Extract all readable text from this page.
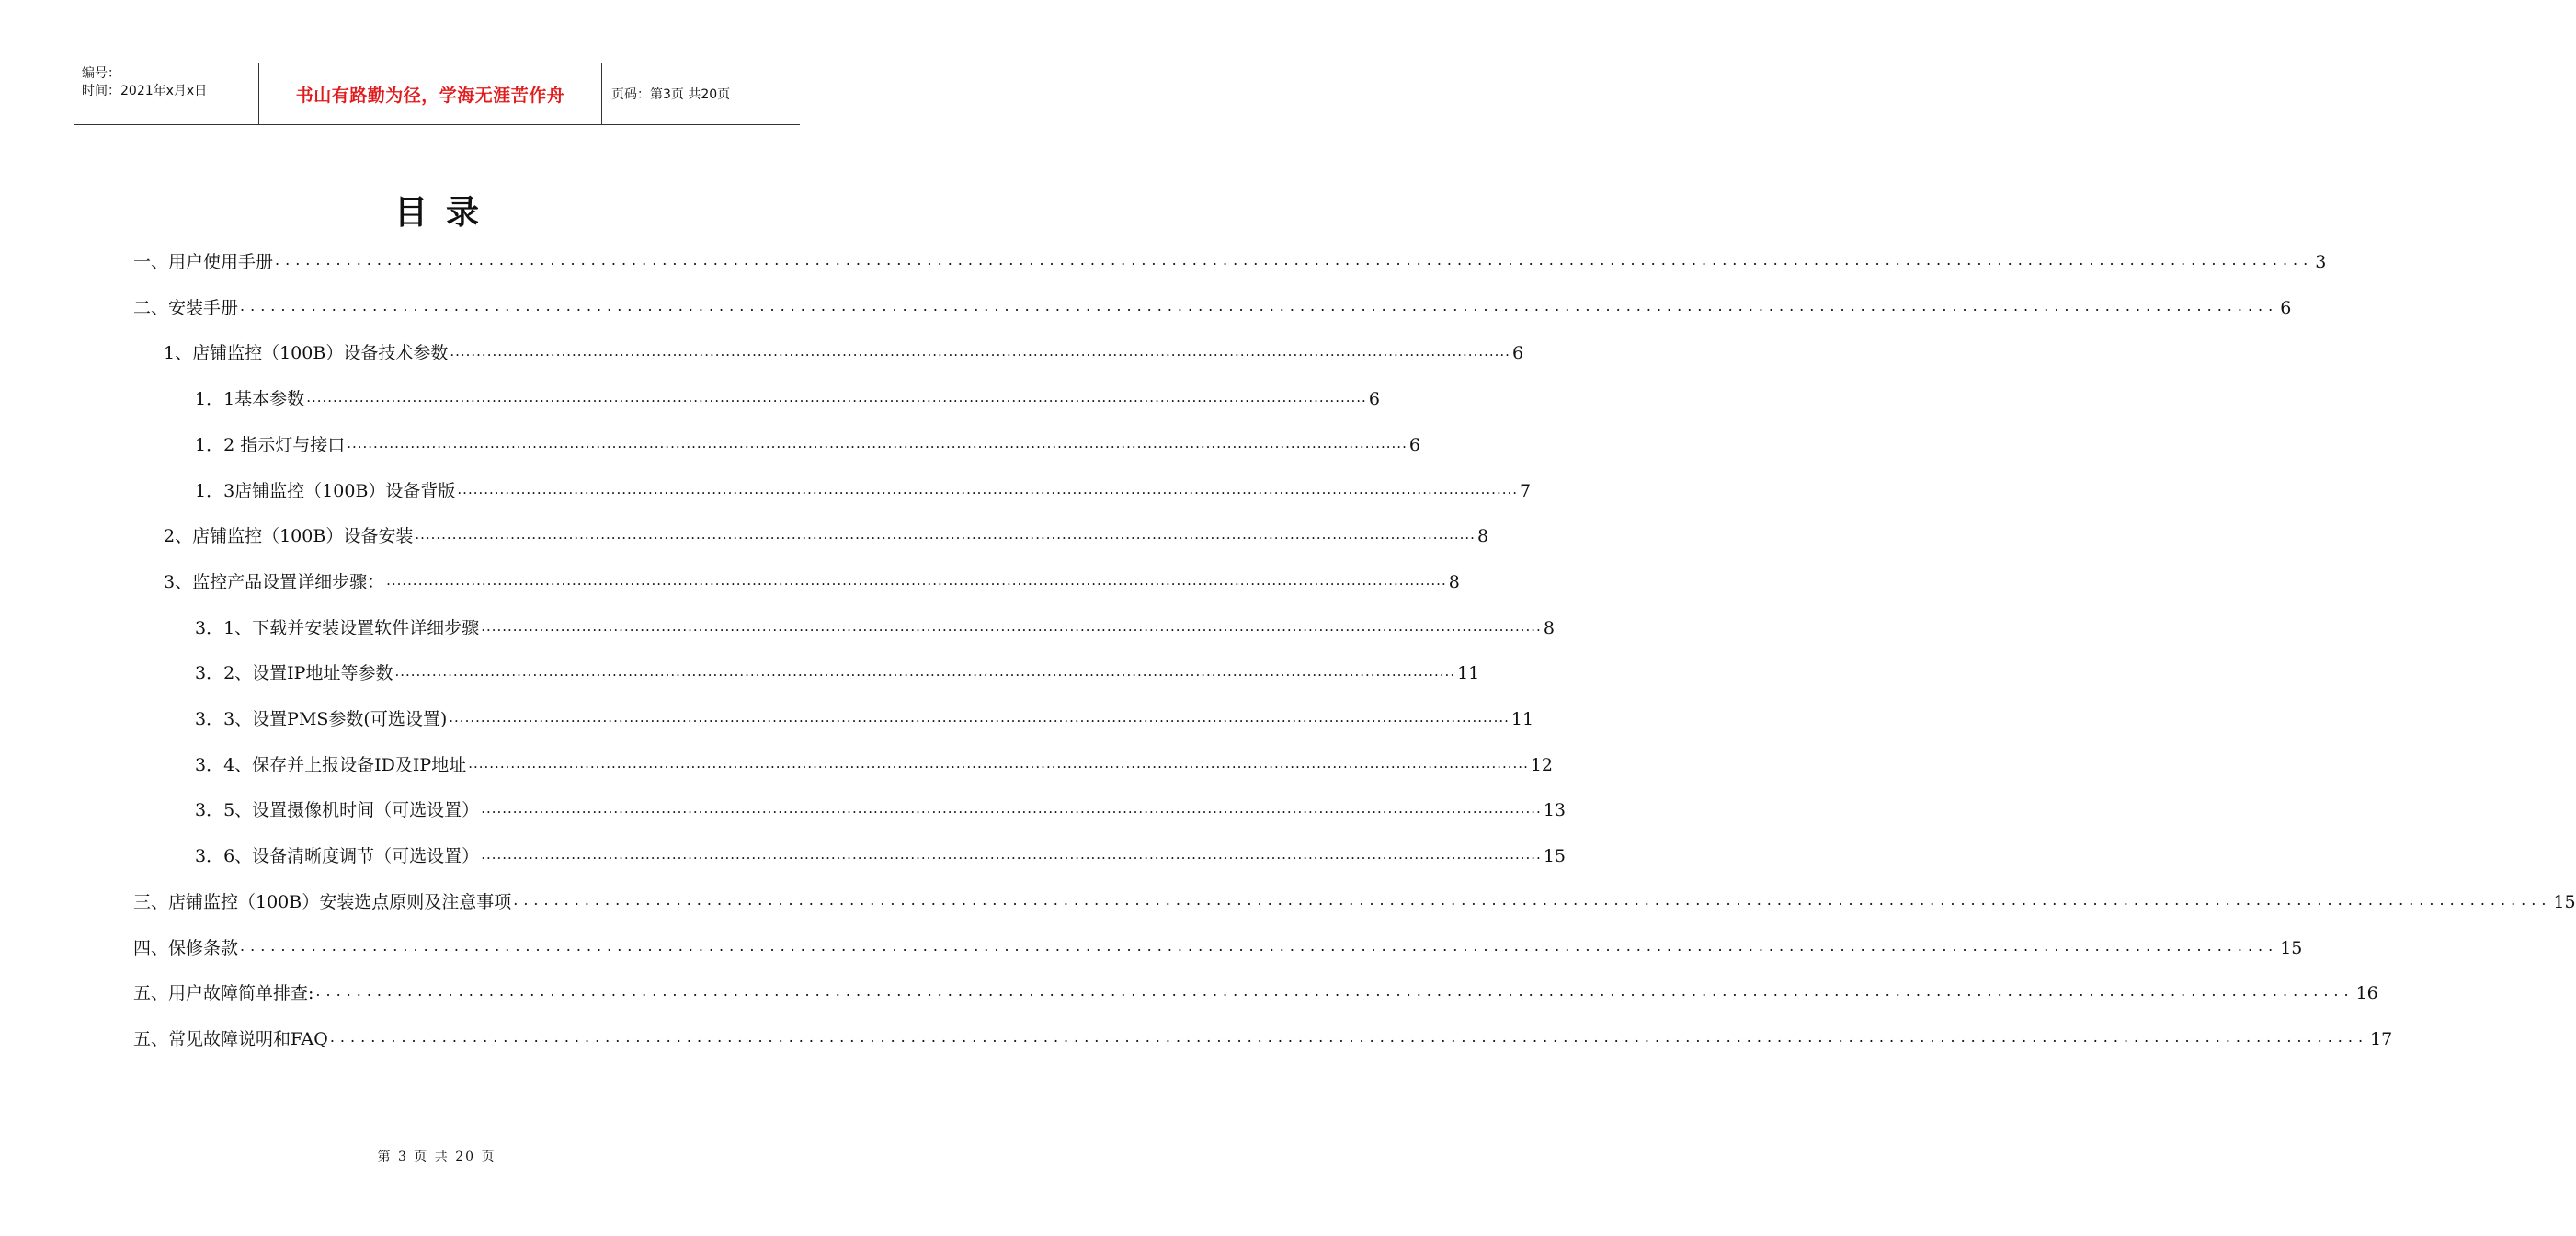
编号：
时间：2021年x月x日	书山有路勤为径，学海无涯苦作舟	页码：第3页 共20页
目录
一、用户使用手册 ........................................................................................................................................................................................................ 3
二、安装手册 ........................................................................................................................................................................................................ 6
1、店铺监控（100B）设备技术参数 ........................................................................................................................................................................................................ 6
1．1基本参数 ........................................................................................................................................................................................................ 6
1．2 指示灯与接口 ........................................................................................................................................................................................................ 6
1．3店铺监控（100B）设备背版 ........................................................................................................................................................................................................ 7
2、店铺监控（100B）设备安装 ........................................................................................................................................................................................................ 8
3、监控产品设置详细步骤： ........................................................................................................................................................................................................ 8
3．1、下载并安装设置软件详细步骤 ........................................................................................................................................................................................................ 8
3．2、设置IP地址等参数 ........................................................................................................................................................................................................ 11
3．3、设置PMS参数(可选设置) ........................................................................................................................................................................................................ 11
3．4、保存并上报设备ID及IP地址 ........................................................................................................................................................................................................ 12
3．5、设置摄像机时间（可选设置） ........................................................................................................................................................................................................ 13
3．6、设备清晰度调节（可选设置） ........................................................................................................................................................................................................ 15
三、店铺监控（100B）安装选点原则及注意事项 ........................................................................................................................................................................................................ 15
四、保修条款 ........................................................................................................................................................................................................ 15
五、用户故障简单排查: ........................................................................................................................................................................................................ 16
五、常见故障说明和FAQ ........................................................................................................................................................................................................ 17
第 3 页 共 20 页
